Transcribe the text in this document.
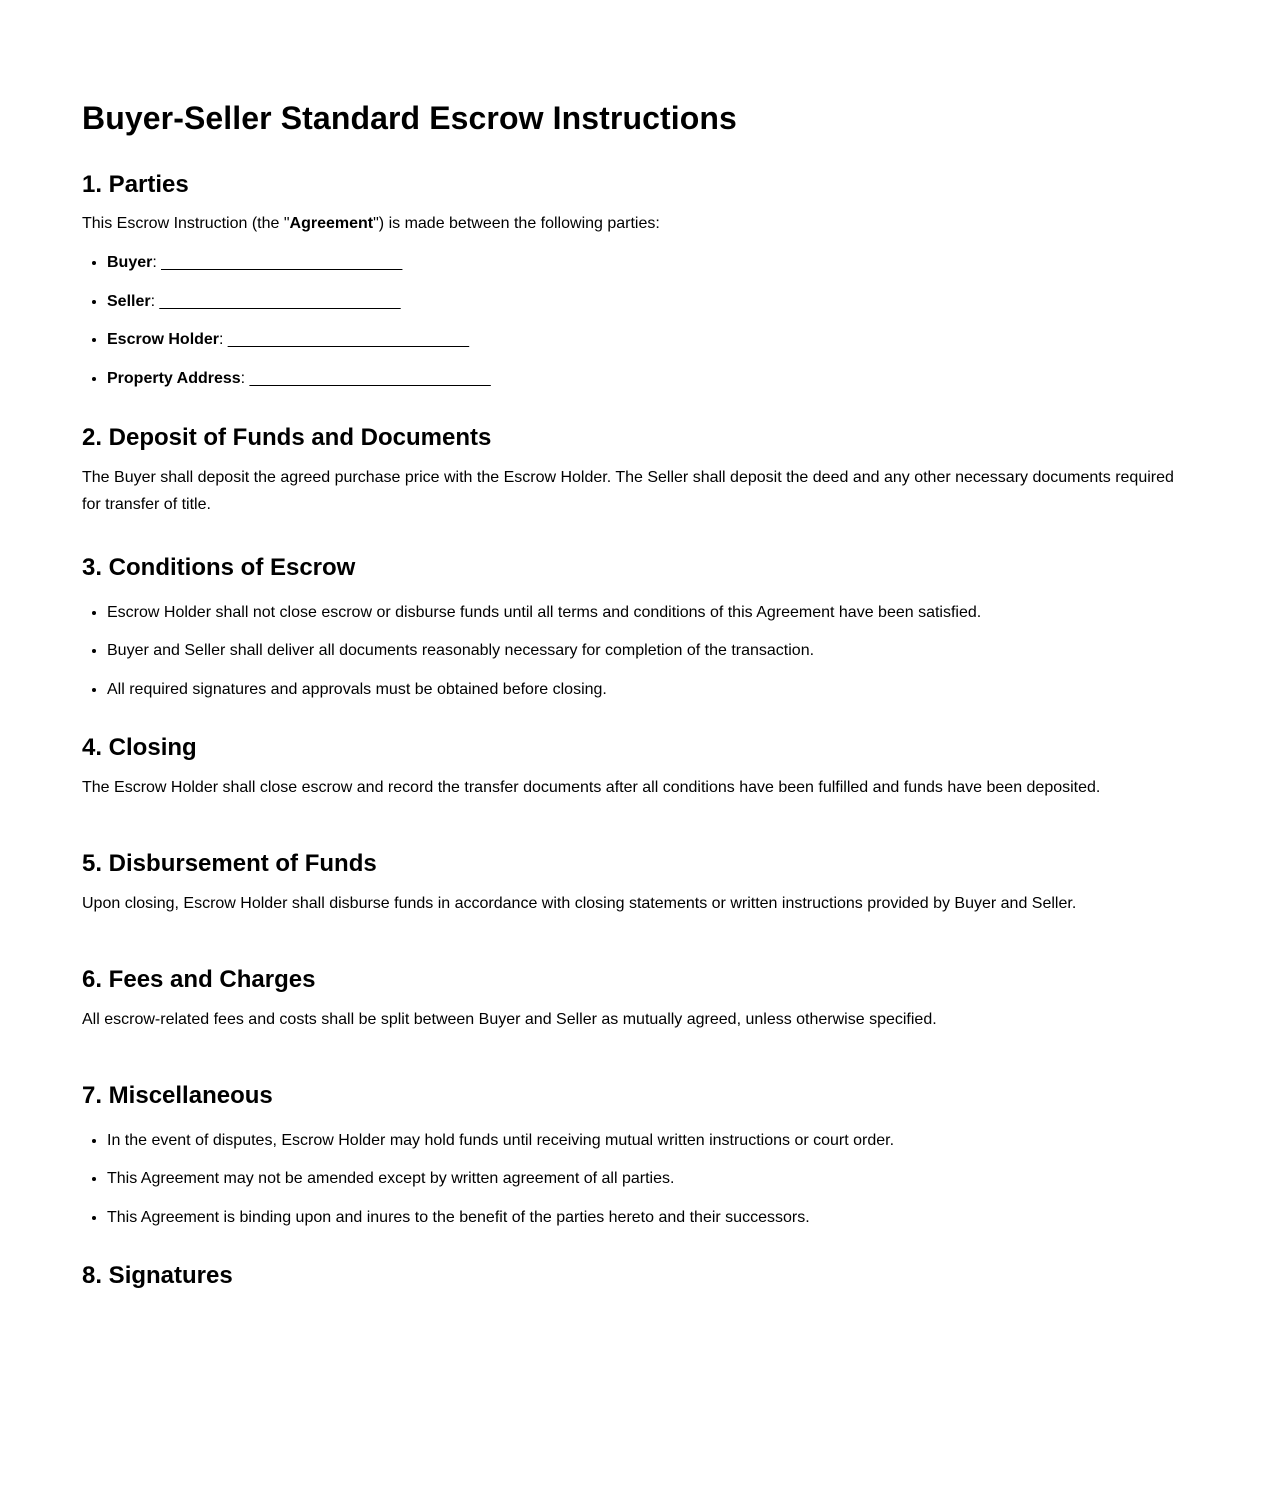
Buyer-Seller Standard Escrow Instructions
1. Parties

This Escrow Instruction (the "Agreement") is made between the following parties:

• Buyer: ____________________________
• Seller: ____________________________
• Escrow Holder: ____________________________
• Property Address: ____________________________
2. Deposit of Funds and Documents

The Buyer shall deposit the agreed purchase price with the Escrow Holder. The Seller shall deposit the deed and any other necessary documents required for transfer of title.

3. Conditions of Escrow
• Escrow Holder shall not close escrow or disburse funds until all terms and conditions of this Agreement have been satisfied.
• Buyer and Seller shall deliver all documents reasonably necessary for completion of the transaction.
• All required signatures and approvals must be obtained before closing.
4. Closing

The Escrow Holder shall close escrow and record the transfer documents after all conditions have been fulfilled and funds have been deposited.

5. Disbursement of Funds

Upon closing, Escrow Holder shall disburse funds in accordance with closing statements or written instructions provided by Buyer and Seller.

6. Fees and Charges

All escrow-related fees and costs shall be split between Buyer and Seller as mutually agreed, unless otherwise specified.

7. Miscellaneous
• In the event of disputes, Escrow Holder may hold funds until receiving mutual written instructions or court order.
• This Agreement may not be amended except by written agreement of all parties.
• This Agreement is binding upon and inures to the benefit of the parties hereto and their successors.
8. Signatures
